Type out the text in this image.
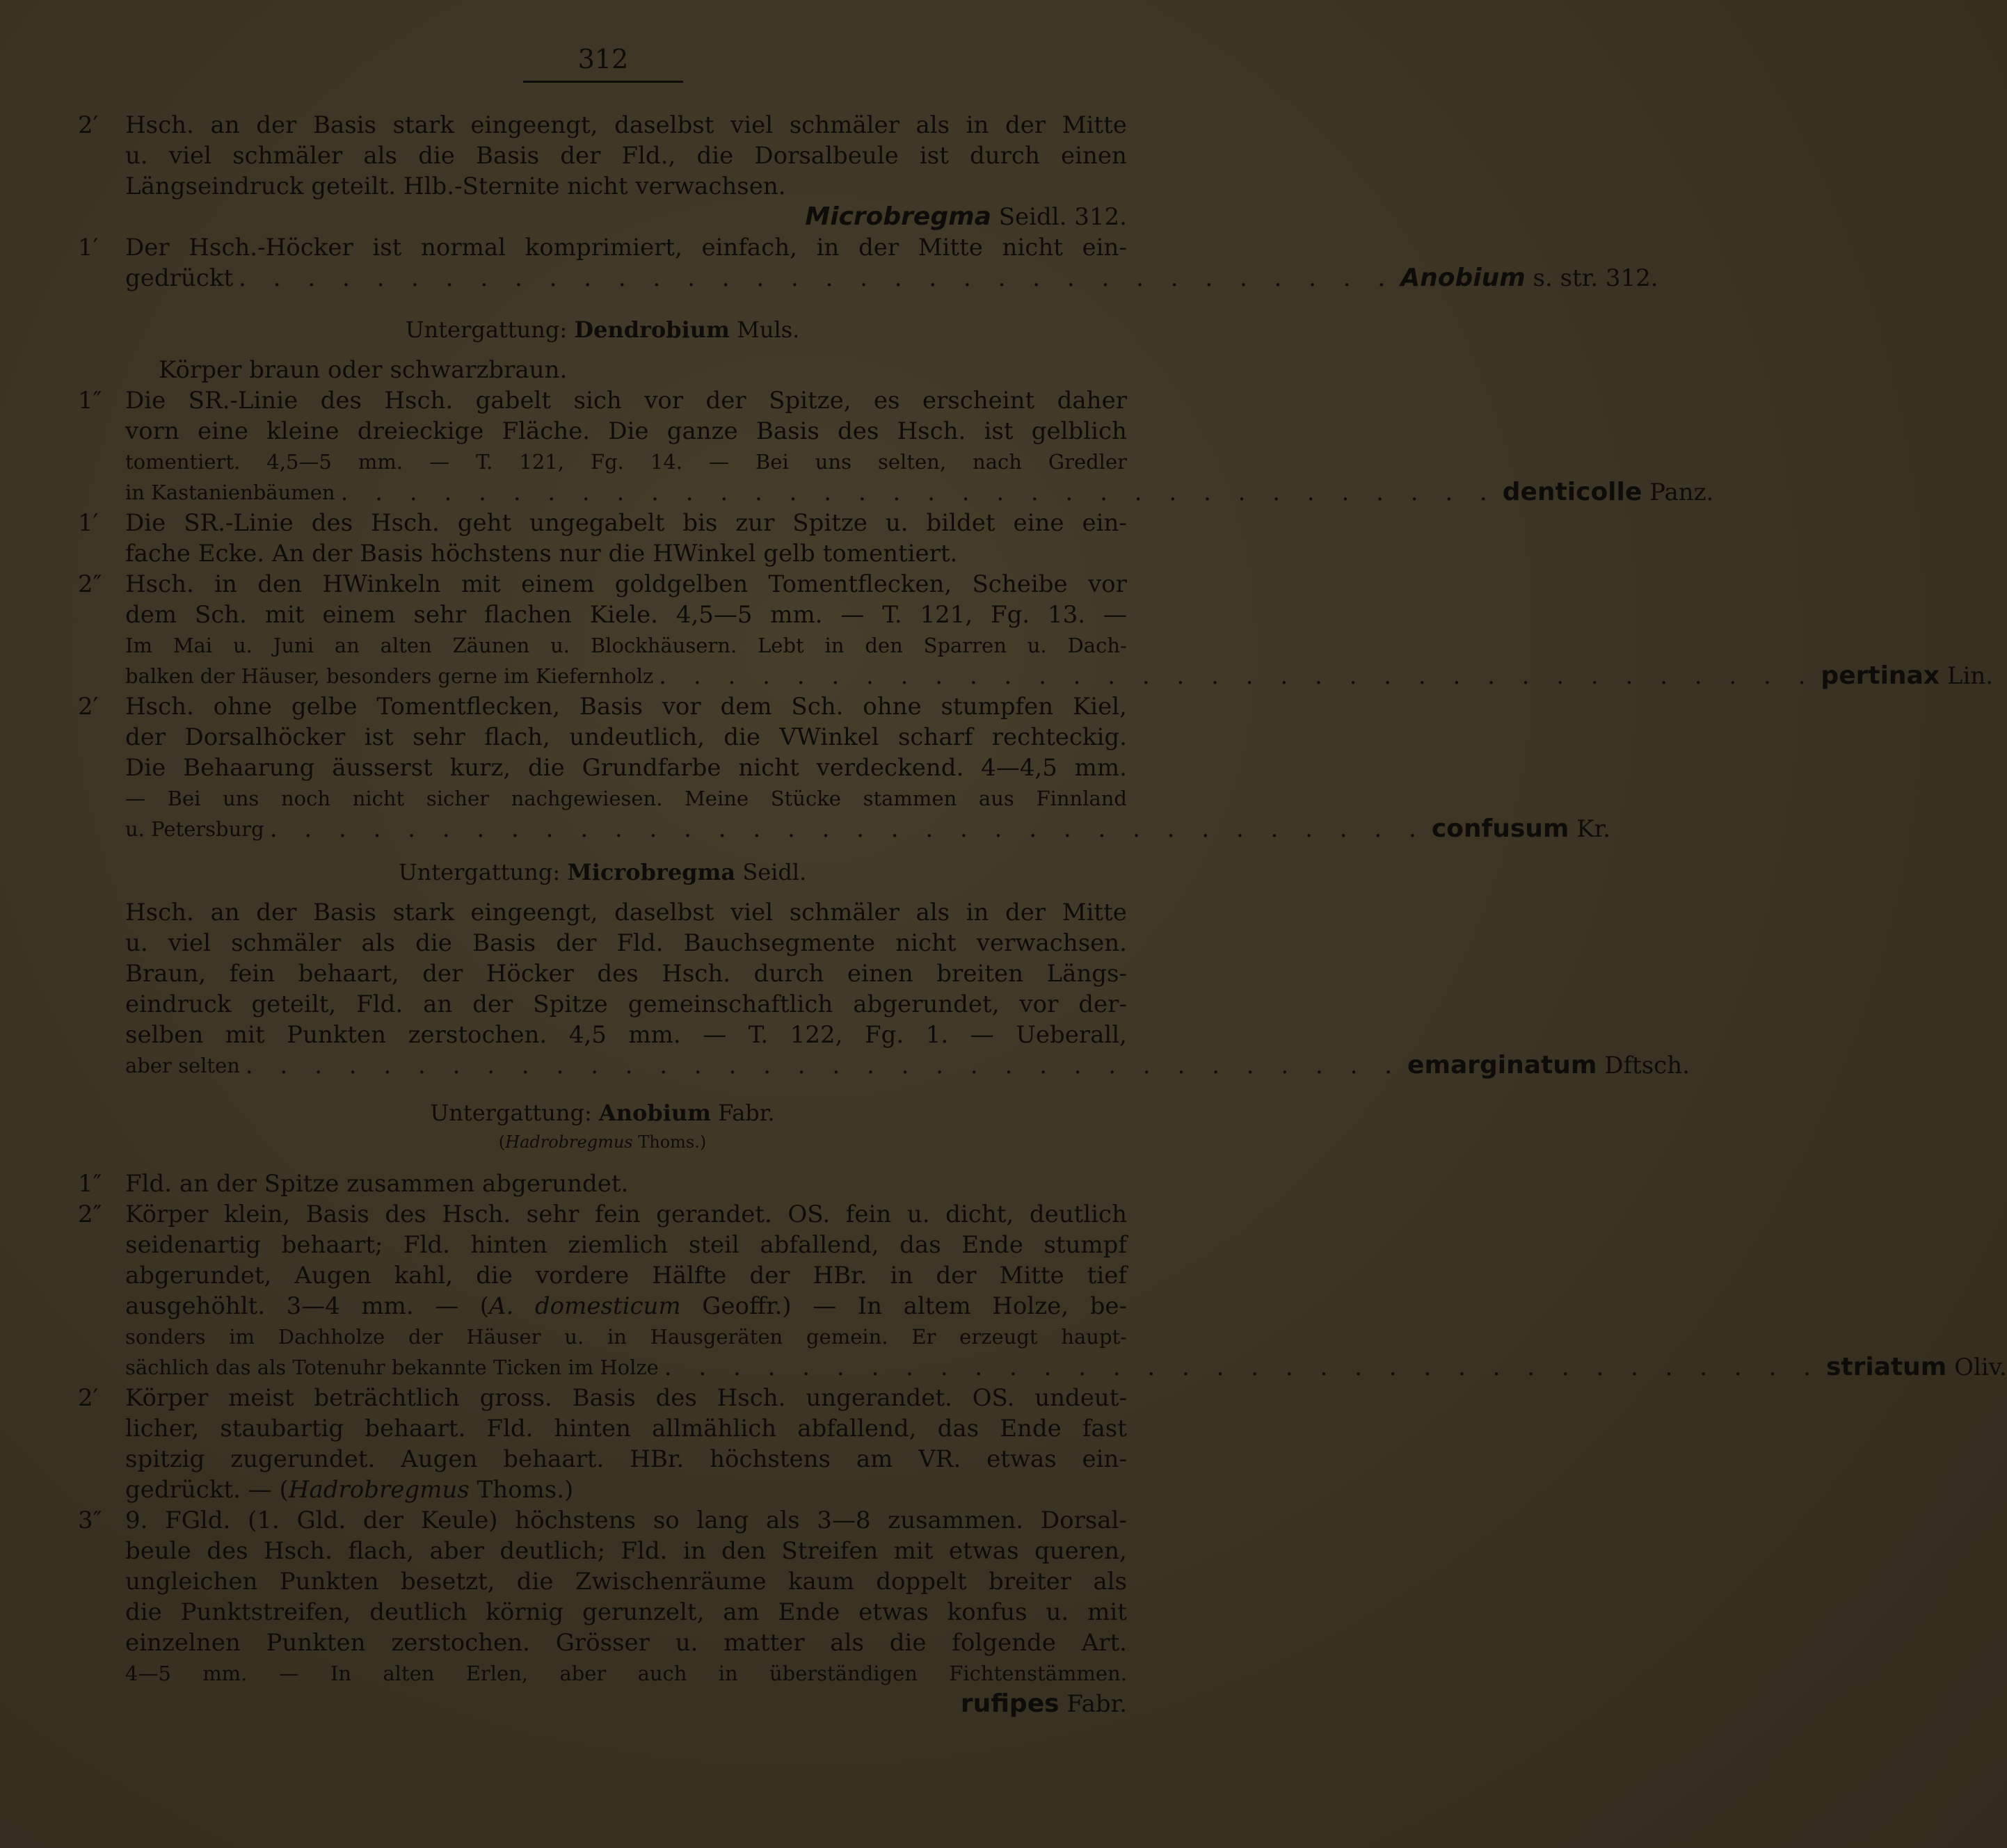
312
2′ Hsch. an der Basis stark eingeengt, daselbst viel schmäler als in der Mitte
u. viel schmäler als die Basis der Fld., die Dorsalbeule ist durch einen
Längseindruck geteilt. Hlb.-Sternite nicht verwachsen.
Microbregma Seidl. 312.
1′ Der Hsch.-Höcker ist normal komprimiert, einfach, in der Mitte nicht ein-
gedrückt . . . . . . . . . . . . . . . . . . . . . . . . . . . . . . . . . . Anobium s. str. 312.
Untergattung: Dendrobium Muls.
Körper braun oder schwarzbraun.
1″ Die SR.-Linie des Hsch. gabelt sich vor der Spitze, es erscheint daher
vorn eine kleine dreieckige Fläche. Die ganze Basis des Hsch. ist gelblich
tomentiert. 4,5—5 mm. — T. 121, Fg. 14. — Bei uns selten, nach Gredler
in Kastanienbäumen . . . . . . . . . . . . . . . . . . . . . . . . . . . . . . . . . . denticolle Panz.
1′ Die SR.-Linie des Hsch. geht ungegabelt bis zur Spitze u. bildet eine ein-
fache Ecke. An der Basis höchstens nur die HWinkel gelb tomentiert.
2″ Hsch. in den HWinkeln mit einem goldgelben Tomentflecken, Scheibe vor
dem Sch. mit einem sehr flachen Kiele. 4,5—5 mm. — T. 121, Fg. 13. —
Im Mai u. Juni an alten Zäunen u. Blockhäusern. Lebt in den Sparren u. Dach-
balken der Häuser, besonders gerne im Kiefernholz . . . . . . . . . . . . . . . . . . . . . . . . . . . . . . . . . . pertinax Lin.
2′ Hsch. ohne gelbe Tomentflecken, Basis vor dem Sch. ohne stumpfen Kiel,
der Dorsalhöcker ist sehr flach, undeutlich, die VWinkel scharf rechteckig.
Die Behaarung äusserst kurz, die Grundfarbe nicht verdeckend. 4—4,5 mm.
— Bei uns noch nicht sicher nachgewiesen. Meine Stücke stammen aus Finnland
u. Petersburg . . . . . . . . . . . . . . . . . . . . . . . . . . . . . . . . . . confusum Kr.
Untergattung: Microbregma Seidl.
Hsch. an der Basis stark eingeengt, daselbst viel schmäler als in der Mitte
u. viel schmäler als die Basis der Fld. Bauchsegmente nicht verwachsen.
Braun, fein behaart, der Höcker des Hsch. durch einen breiten Längs-
eindruck geteilt, Fld. an der Spitze gemeinschaftlich abgerundet, vor der-
selben mit Punkten zerstochen. 4,5 mm. — T. 122, Fg. 1. — Ueberall,
aber selten . . . . . . . . . . . . . . . . . . . . . . . . . . . . . . . . . . emarginatum Dftsch.
Untergattung: Anobium Fabr.
(Hadrobregmus Thoms.)
1″ Fld. an der Spitze zusammen abgerundet.
2″ Körper klein, Basis des Hsch. sehr fein gerandet. OS. fein u. dicht, deutlich
seidenartig behaart; Fld. hinten ziemlich steil abfallend, das Ende stumpf
abgerundet, Augen kahl, die vordere Hälfte der HBr. in der Mitte tief
ausgehöhlt. 3—4 mm. — (A. domesticum Geoffr.) — In altem Holze, be-
sonders im Dachholze der Häuser u. in Hausgeräten gemein. Er erzeugt haupt-
sächlich das als Totenuhr bekannte Ticken im Holze . . . . . . . . . . . . . . . . . . . . . . . . . . . . . . . . . . striatum Oliv.
2′ Körper meist beträchtlich gross. Basis des Hsch. ungerandet. OS. undeut-
licher, staubartig behaart. Fld. hinten allmählich abfallend, das Ende fast
spitzig zugerundet. Augen behaart. HBr. höchstens am VR. etwas ein-
gedrückt. — (Hadrobregmus Thoms.)
3″ 9. FGld. (1. Gld. der Keule) höchstens so lang als 3—8 zusammen. Dorsal-
beule des Hsch. flach, aber deutlich; Fld. in den Streifen mit etwas queren,
ungleichen Punkten besetzt, die Zwischenräume kaum doppelt breiter als
die Punktstreifen, deutlich körnig gerunzelt, am Ende etwas konfus u. mit
einzelnen Punkten zerstochen. Grösser u. matter als die folgende Art.
4—5 mm. — In alten Erlen, aber auch in überständigen Fichtenstämmen.
rufipes Fabr.
